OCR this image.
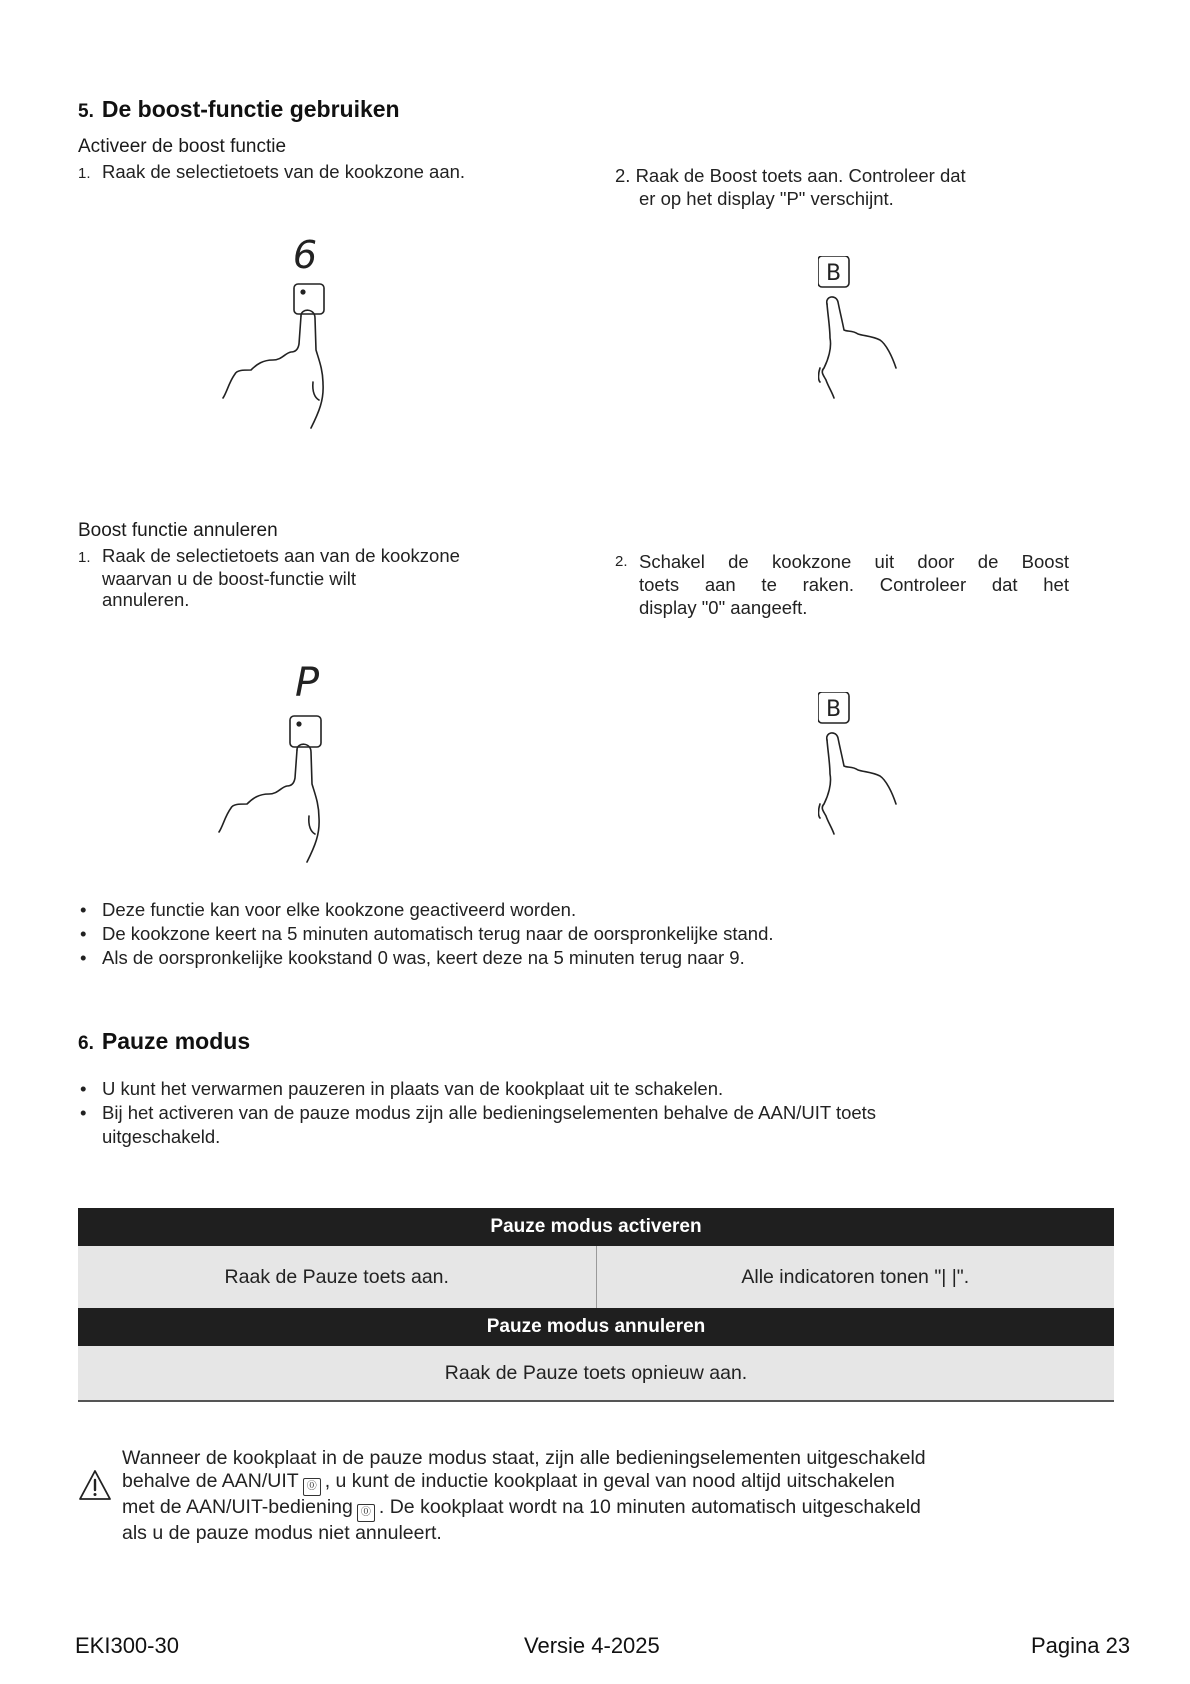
5. De boost-functie gebruiken
Activeer de boost functie
1. Raak de selectietoets van de kookzone aan.	2. Raak de Boost toets aan. Controleer dat
er op het display "P" verschijnt.
6	B
Boost functie annuleren
1. Raak de selectietoets aan van de kookzone
waarvan u de boost-functie wilt
annuleren.
2. Schakel de kookzone uit door de Boost
toets aan te raken. Controleer dat het
display "0" aangeeft.
P
B
• Deze functie kan voor elke kookzone geactiveerd worden.
• De kookzone keert na 5 minuten automatisch terug naar de oorspronkelijke stand.
• Als de oorspronkelijke kookstand 0 was, keert deze na 5 minuten terug naar 9.
6. Pauze modus
• U kunt het verwarmen pauzeren in plaats van de kookplaat uit te schakelen.
• Bij het activeren van de pauze modus zijn alle bedieningselementen behalve de AAN/UIT toets
uitgeschakeld.
Pauze modus activeren
Raak de Pauze toets aan.	Alle indicatoren tonen "| |".
Pauze modus annuleren
Raak de Pauze toets opnieuw aan.
Wanneer de kookplaat in de pauze modus staat, zijn alle bedieningselementen uitgeschakeld
behalve de AAN/UIT ⓪ , u kunt de inductie kookplaat in geval van nood altijd uitschakelen
met de AAN/UIT-bediening ⓪ . De kookplaat wordt na 10 minuten automatisch uitgeschakeld
als u de pauze modus niet annuleert.
EKI300-30	Versie 4-2025	Pagina 23
